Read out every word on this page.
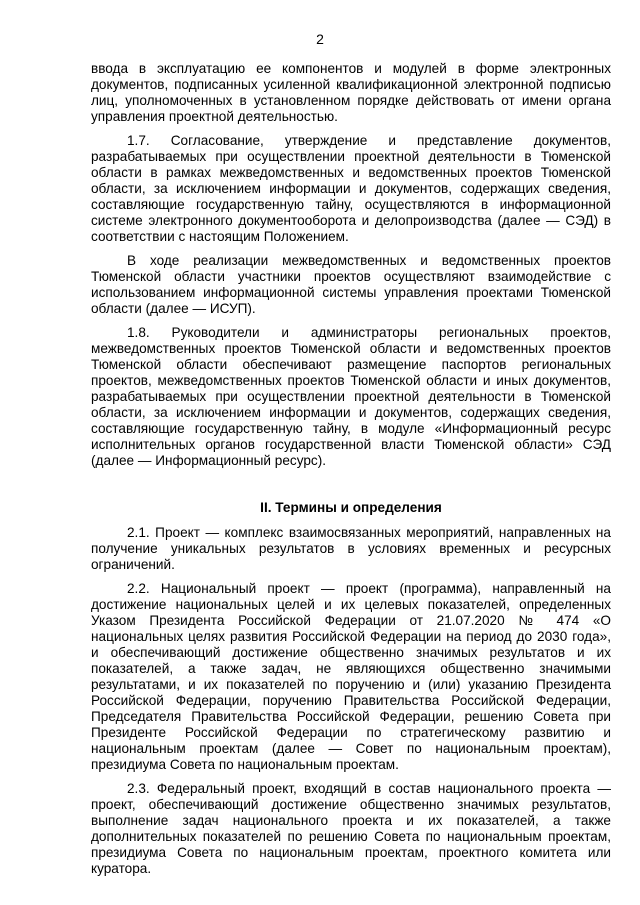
2

ввода в эксплуатацию ее компонентов и модулей в форме электронных документов, подписанных усиленной квалификационной электронной подписью лиц, уполномоченных в установленном порядке действовать от имени органа управления проектной деятельностью.

1.7. Согласование, утверждение и представление документов, разрабатываемых при осуществлении проектной деятельности в Тюменской области в рамках межведомственных и ведомственных проектов Тюменской области, за исключением информации и документов, содержащих сведения, составляющие государственную тайну, осуществляются в информационной системе электронного документооборота и делопроизводства (далее — СЭД) в соответствии с настоящим Положением.

В ходе реализации межведомственных и ведомственных проектов Тюменской области участники проектов осуществляют взаимодействие с использованием информационной системы управления проектами Тюменской области (далее — ИСУП).

1.8. Руководители и администраторы региональных проектов, межведомственных проектов Тюменской области и ведомственных проектов Тюменской области обеспечивают размещение паспортов региональных проектов, межведомственных проектов Тюменской области и иных документов, разрабатываемых при осуществлении проектной деятельности в Тюменской области, за исключением информации и документов, содержащих сведения, составляющие государственную тайну, в модуле «Информационный ресурс исполнительных органов государственной власти Тюменской области» СЭД (далее — Информационный ресурс).

II. Термины и определения

2.1. Проект — комплекс взаимосвязанных мероприятий, направленных на получение уникальных результатов в условиях временных и ресурсных ограничений.

2.2. Национальный проект — проект (программа), направленный на достижение национальных целей и их целевых показателей, определенных Указом Президента Российской Федерации от 21.07.2020 № 474 «О национальных целях развития Российской Федерации на период до 2030 года», и обеспечивающий достижение общественно значимых результатов и их показателей, а также задач, не являющихся общественно значимыми результатами, и их показателей по поручению и (или) указанию Президента Российской Федерации, поручению Правительства Российской Федерации, Председателя Правительства Российской Федерации, решению Совета при Президенте Российской Федерации по стратегическому развитию и национальным проектам (далее — Совет по национальным проектам), президиума Совета по национальным проектам.

2.3. Федеральный проект, входящий в состав национального проекта — проект, обеспечивающий достижение общественно значимых результатов, выполнение задач национального проекта и их показателей, а также дополнительных показателей по решению Совета по национальным проектам, президиума Совета по национальным проектам, проектного комитета или куратора.
